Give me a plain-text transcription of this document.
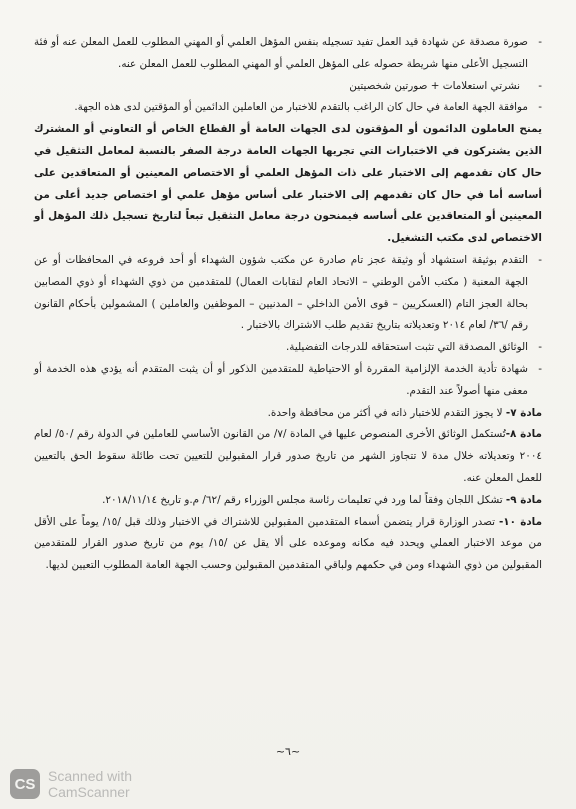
- صورة مصدقة عن شهادة قيد العمل تفيد تسجيله بنفس المؤهل العلمي أو المهني المطلوب للعمل المعلن عنه أو فئة التسجيل الأعلى منها شريطة حصوله على المؤهل العلمي أو المهني المطلوب للعمل المعلن عنه.

- نشرتي استعلامات + صورتين شخصيتين

- موافقة الجهة العامة في حال كان الراغب بالتقدم للاختبار من العاملين الدائمين أو المؤقتين لدى هذه الجهة.

يمنح العاملون الدائمون أو المؤقتون لدى الجهات العامة أو القطاع الخاص أو التعاوني أو المشترك الذين يشتركون في الاختبارات التي تجريها الجهات العامة درجة الصفر بالنسبة لمعامل التثقيل في حال كان تقدمهم إلى الاختبار على ذات المؤهل العلمي أو الاختصاص المعينين أو المتعاقدين على أساسه أما في حال كان تقدمهم إلى الاختبار على أساس مؤهل علمي أو اختصاص جديد أعلى من المعينين أو المتعاقدين على أساسه فيمنحون درجة معامل التثقيل تبعاً لتاريخ تسجيل ذلك المؤهل أو الاختصاص لدى مكتب التشغيل.

- التقدم بوثيقة استشهاد أو وثيقة عجز تام صادرة عن مكتب شؤون الشهداء أو أحد فروعه في المحافظات أو عن الجهة المعنية ( مكتب الأمن الوطني – الاتحاد العام لنقابات العمال) للمتقدمين من ذوي الشهداء أو ذوي المصابين بحالة العجز التام (العسكريين – قوى الأمن الداخلي – المدنيين – الموظفين والعاملين ) المشمولين بأحكام القانون رقم /٣٦/ لعام ٢٠١٤ وتعديلاته بتاريخ تقديم طلب الاشتراك بالاختبار .

- الوثائق المصدقة التي تثبت استحقاقه للدرجات التفضيلية.

- شهادة تأدية الخدمة الإلزامية المقررة أو الاحتياطية للمتقدمين الذكور أو أن يثبت المتقدم أنه يؤدي هذه الخدمة أو معفى منها أصولاً عند التقدم.

مادة ٧- لا يجوز التقدم للاختبار ذاته في أكثر من محافظة واحدة.

مادة ٨-تُستكمل الوثائق الأخرى المنصوص عليها في المادة /٧/ من القانون الأساسي للعاملين في الدولة رقم /٥٠/ لعام ٢٠٠٤ وتعديلاته خلال مدة لا تتجاوز الشهر من تاريخ صدور قرار المقبولين للتعيين تحت طائلة سقوط الحق بالتعيين للعمل المعلن عنه.

مادة ٩- تشكل اللجان وفقاً لما ورد في تعليمات رئاسة مجلس الوزراء رقم /٦٢/ م.و تاريخ ٢٠١٨/١١/١٤.

مادة ١٠- تصدر الوزارة قرار يتضمن أسماء المتقدمين المقبولين للاشتراك في الاختبار وذلك قبل /١٥/ يوماً على الأقل من موعد الاختبار العملي ويحدد فيه مكانه وموعده على ألا يقل عن /١٥/ يوم من تاريخ صدور القرار للمتقدمين المقبولين من ذوي الشهداء ومن في حكمهم ولباقي المتقدمين المقبولين وحسب الجهة العامة المطلوب التعيين لديها.

~٦~
CS Scanned with
CamScanner
